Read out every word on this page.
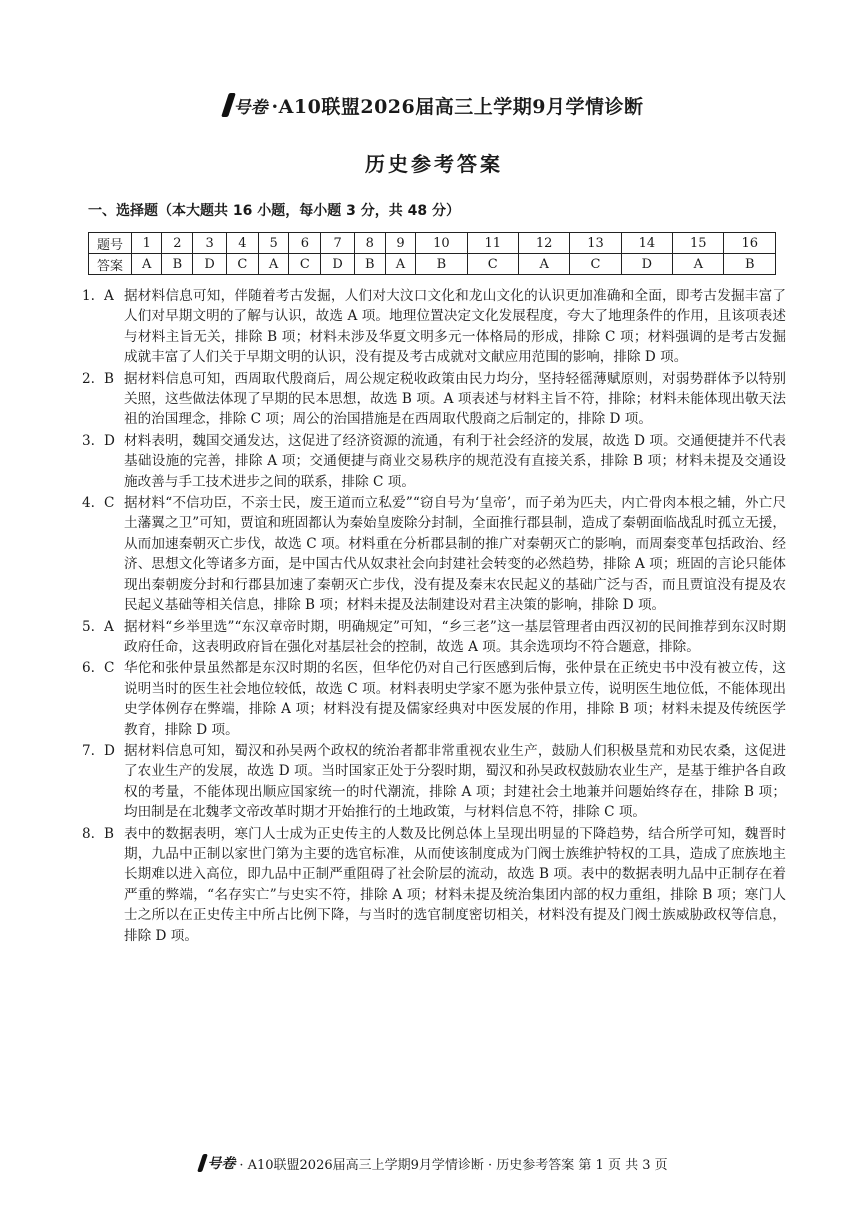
号卷 ·A10联盟2026届高三上学期9月学情诊断
历史参考答案
一、选择题（本大题共 16 小题，每小题 3 分，共 48 分）
题号	1	2	3	4	5	6	7	8	9	10	11	12	13	14	15	16
答案	A	B	D	C	A	C	D	B	A	B	C	A	C	D	A	B
1. A 据材料信息可知，伴随着考古发掘，人们对大汶口文化和龙山文化的认识更加准确和全面，即考古发掘丰富了人们对早期文明的了解与认识，故选 A 项。地理位置决定文化发展程度，夸大了地理条件的作用，且该项表述与材料主旨无关，排除 B 项；材料未涉及华夏文明多元一体格局的形成，排除 C 项；材料强调的是考古发掘成就丰富了人们关于早期文明的认识，没有提及考古成就对文献应用范围的影响，排除 D 项。
2. B 据材料信息可知，西周取代殷商后，周公规定税收政策由民力均分，坚持轻徭薄赋原则，对弱势群体予以特别关照，这些做法体现了早期的民本思想，故选 B 项。A 项表述与材料主旨不符，排除；材料未能体现出敬天法祖的治国理念，排除 C 项；周公的治国措施是在西周取代殷商之后制定的，排除 D 项。
3. D 材料表明，魏国交通发达，这促进了经济资源的流通，有利于社会经济的发展，故选 D 项。交通便捷并不代表基础设施的完善，排除 A 项；交通便捷与商业交易秩序的规范没有直接关系，排除 B 项；材料未提及交通设施改善与手工技术进步之间的联系，排除 C 项。
4. C 据材料“不信功臣，不亲士民，废王道而立私爱”“窃自号为‘皇帝’，而子弟为匹夫，内亡骨肉本根之辅，外亡尺土藩翼之卫”可知，贾谊和班固都认为秦始皇废除分封制，全面推行郡县制，造成了秦朝面临战乱时孤立无援，从而加速秦朝灭亡步伐，故选 C 项。材料重在分析郡县制的推广对秦朝灭亡的影响，而周秦变革包括政治、经济、思想文化等诸多方面，是中国古代从奴隶社会向封建社会转变的必然趋势，排除 A 项；班固的言论只能体现出秦朝废分封和行郡县加速了秦朝灭亡步伐，没有提及秦末农民起义的基础广泛与否，而且贾谊没有提及农民起义基础等相关信息，排除 B 项；材料未提及法制建设对君主决策的影响，排除 D 项。
5. A 据材料“乡举里选”“东汉章帝时期，明确规定”可知，“乡三老”这一基层管理者由西汉初的民间推荐到东汉时期政府任命，这表明政府旨在强化对基层社会的控制，故选 A 项。其余选项均不符合题意，排除。
6. C 华佗和张仲景虽然都是东汉时期的名医，但华佗仍对自己行医感到后悔，张仲景在正统史书中没有被立传，这说明当时的医生社会地位较低，故选 C 项。材料表明史学家不愿为张仲景立传，说明医生地位低，不能体现出史学体例存在弊端，排除 A 项；材料没有提及儒家经典对中医发展的作用，排除 B 项；材料未提及传统医学教育，排除 D 项。
7. D 据材料信息可知，蜀汉和孙吴两个政权的统治者都非常重视农业生产，鼓励人们积极垦荒和劝民农桑，这促进了农业生产的发展，故选 D 项。当时国家正处于分裂时期，蜀汉和孙吴政权鼓励农业生产，是基于维护各自政权的考量，不能体现出顺应国家统一的时代潮流，排除 A 项；封建社会土地兼并问题始终存在，排除 B 项；均田制是在北魏孝文帝改革时期才开始推行的土地政策，与材料信息不符，排除 C 项。
8. B 表中的数据表明，寒门人士成为正史传主的人数及比例总体上呈现出明显的下降趋势，结合所学可知，魏晋时期，九品中正制以家世门第为主要的选官标准，从而使该制度成为门阀士族维护特权的工具，造成了庶族地主长期难以进入高位，即九品中正制严重阻碍了社会阶层的流动，故选 B 项。表中的数据表明九品中正制存在着严重的弊端，“名存实亡”与史实不符，排除 A 项；材料未提及统治集团内部的权力重组，排除 B 项；寒门人士之所以在正史传主中所占比例下降，与当时的选官制度密切相关，材料没有提及门阀士族威胁政权等信息，排除 D 项。
号卷 · A10联盟2026届高三上学期9月学情诊断 · 历史参考答案 第 1 页 共 3 页
